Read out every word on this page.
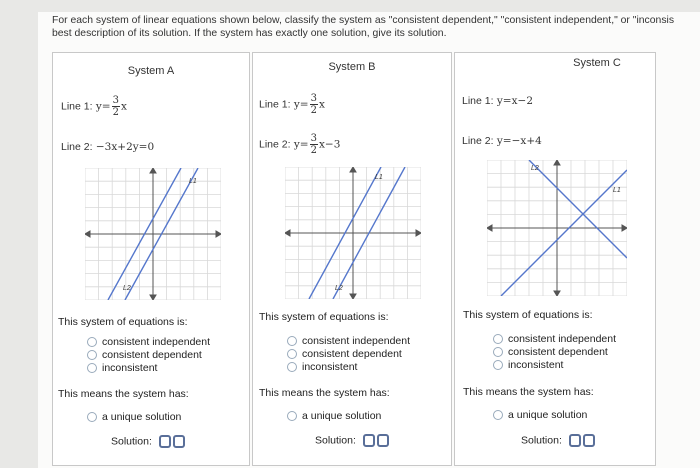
For each system of linear equations shown below, classify the system as "consistent dependent," "consistent independent," or "inconsis
best description of its solution. If the system has exactly one solution, give its solution.
System A
Line 1: $y= \frac{3}{2}$ x
Line 2: −3x+2y=0
L1
L2
This system of equations is:
consistent independent
consistent dependent
inconsistent
This means the system has:
a unique solution
Solution:
System B
Line 1: $y= \frac{3}{2}$ x
Line 2: $y= \frac{3}{2} x-3$
L1
L2
This system of equations is:
consistent independent
consistent dependent
inconsistent
This means the system has:
a unique solution
Solution:
System C
Line 1: y=x−2
Line 2: y=−x+4
L1
L2
This system of equations is:
consistent independent
consistent dependent
inconsistent
This means the system has:
a unique solution
Solution:
